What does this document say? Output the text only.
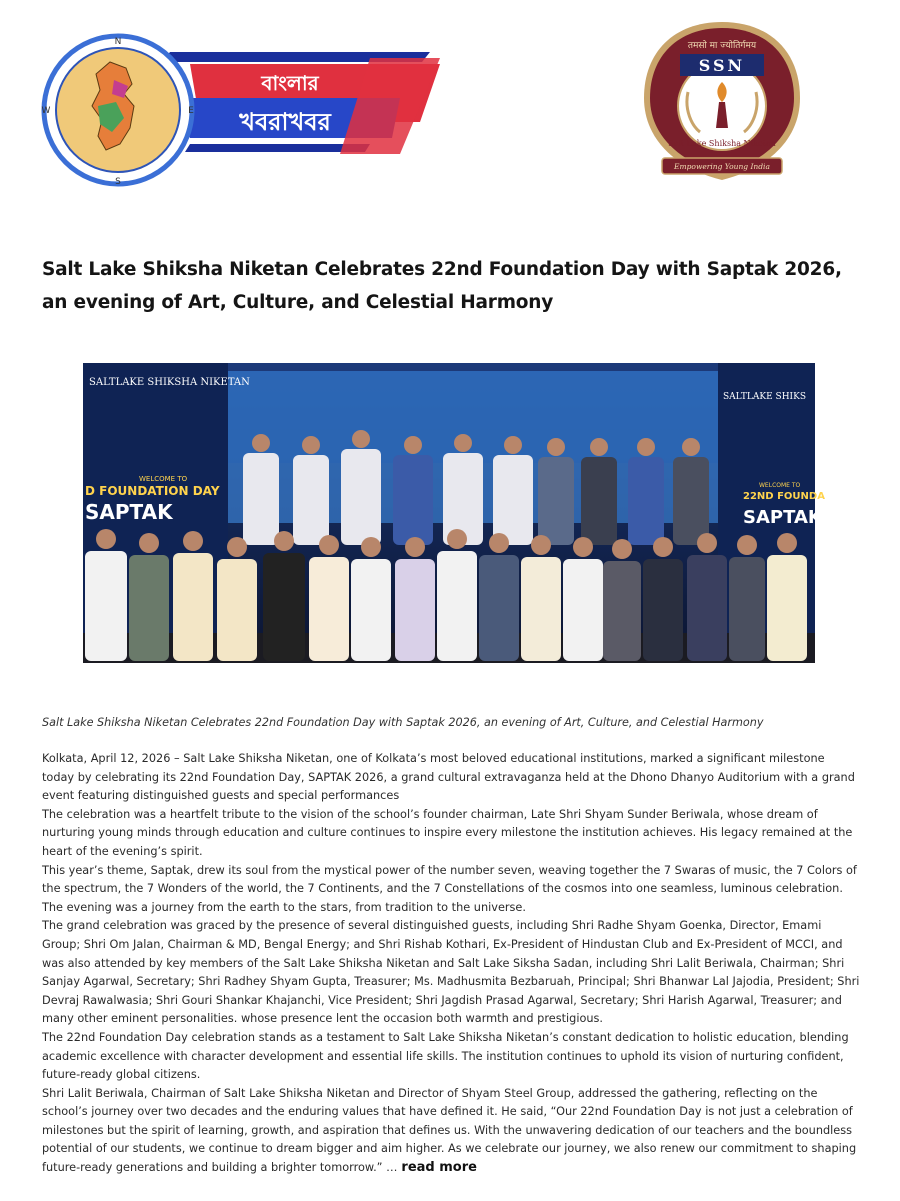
N
E
S
W
বাংলার
খবরাখবর
तमसो मा ज्योतिर्गमय
SSN
Salt Lake Shiksha Niketan
Empowering Young India
Salt Lake Shiksha Niketan Celebrates 22nd Foundation Day with Saptak 2026, an evening of Art, Culture, and Celestial Harmony
SALTLAKE SHIKSHA NIKETAN
WELCOME TO
D FOUNDATION DAY
SAPTAK
SALTLAKE SHIKS
WELCOME TO
22ND FOUNDA
SAPTAK

Salt Lake Shiksha Niketan Celebrates 22nd Foundation Day with Saptak 2026, an evening of Art, Culture, and Celestial Harmony

Kolkata, April 12, 2026 – Salt Lake Shiksha Niketan, one of Kolkata’s most beloved educational institutions, marked a significant milestone today by celebrating its 22nd Foundation Day, SAPTAK 2026, a grand cultural extravaganza held at the Dhono Dhanyo Auditorium with a grand event featuring distinguished guests and special performances

The celebration was a heartfelt tribute to the vision of the school’s founder chairman, Late Shri Shyam Sunder Beriwala, whose dream of nurturing young minds through education and culture continues to inspire every milestone the institution achieves. His legacy remained at the heart of the evening’s spirit.

This year’s theme, Saptak, drew its soul from the mystical power of the number seven, weaving together the 7 Swaras of music, the 7 Colors of the spectrum, the 7 Wonders of the world, the 7 Continents, and the 7 Constellations of the cosmos into one seamless, luminous celebration. The evening was a journey from the earth to the stars, from tradition to the universe.

The grand celebration was graced by the presence of several distinguished guests, including Shri Radhe Shyam Goenka, Director, Emami Group; Shri Om Jalan, Chairman & MD, Bengal Energy; and Shri Rishab Kothari, Ex-President of Hindustan Club and Ex-President of MCCI, and was also attended by key members of the Salt Lake Shiksha Niketan and Salt Lake Siksha Sadan, including Shri Lalit Beriwala, Chairman; Shri Sanjay Agarwal, Secretary; Shri Radhey Shyam Gupta, Treasurer; Ms. Madhusmita Bezbaruah, Principal; Shri Bhanwar Lal Jajodia, President; Shri Devraj Rawalwasia; Shri Gouri Shankar Khajanchi, Vice President; Shri Jagdish Prasad Agarwal, Secretary; Shri Harish Agarwal, Treasurer; and many other eminent personalities. whose presence lent the occasion both warmth and prestigious.

The 22nd Foundation Day celebration stands as a testament to Salt Lake Shiksha Niketan’s constant dedication to holistic education, blending academic excellence with character development and essential life skills. The institution continues to uphold its vision of nurturing confident, future-ready global citizens.

Shri Lalit Beriwala, Chairman of Salt Lake Shiksha Niketan and Director of Shyam Steel Group, addressed the gathering, reflecting on the school’s journey over two decades and the enduring values that have defined it. He said, “Our 22nd Foundation Day is not just a celebration of milestones but the spirit of learning, growth, and aspiration that defines us. With the unwavering dedication of our teachers and the boundless potential of our students, we continue to dream bigger and aim higher. As we celebrate our journey, we also renew our commitment to shaping future-ready generations and building a brighter tomorrow.” … read more
